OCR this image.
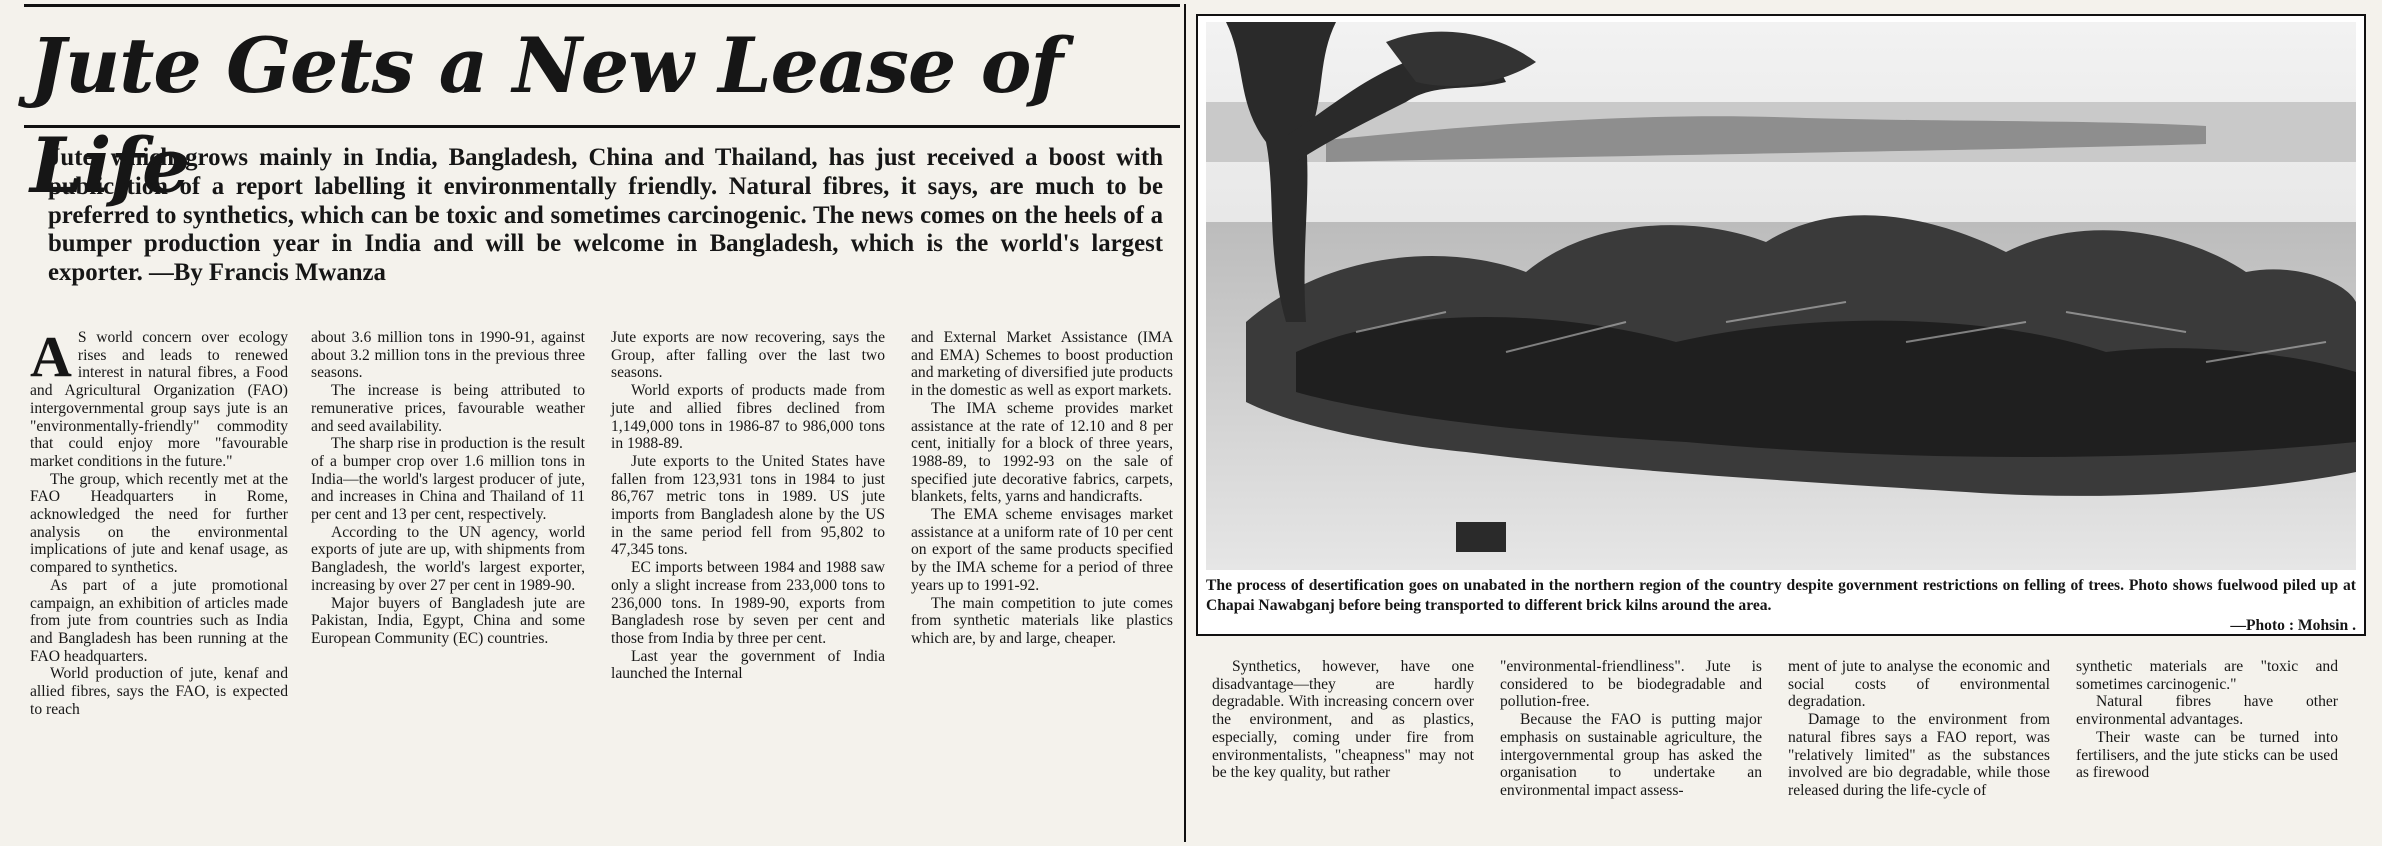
Jute Gets a New Lease of Life

Jute, which grows mainly in India, Bangladesh, China and Thailand, has just received a boost with publication of a report labelling it environmentally friendly. Natural fibres, it says, are much to be preferred to synthetics, which can be toxic and sometimes carcinogenic. The news comes on the heels of a bumper production year in India and will be welcome in Bangladesh, which is the world's largest exporter. —By Francis Mwanza

A S world concern over ecology rises and leads to renewed interest in natural fibres, a Food and Agricultural Organization (FAO) intergovernmental group says jute is an "environmentally-friendly" commodity that could enjoy more "favourable market conditions in the future."

The group, which recently met at the FAO Headquarters in Rome, acknowledged the need for further analysis on the environmental implications of jute and kenaf usage, as compared to synthetics.

As part of a jute promotional campaign, an exhibition of articles made from jute from countries such as India and Bangladesh has been running at the FAO headquarters.

World production of jute, kenaf and allied fibres, says the FAO, is expected to reach

about 3.6 million tons in 1990-91, against about 3.2 million tons in the previous three seasons.

The increase is being attributed to remunerative prices, favourable weather and seed availability.

The sharp rise in production is the result of a bumper crop over 1.6 million tons in India—the world's largest producer of jute, and increases in China and Thailand of 11 per cent and 13 per cent, respectively.

According to the UN agency, world exports of jute are up, with shipments from Bangladesh, the world's largest exporter, increasing by over 27 per cent in 1989-90.

Major buyers of Bangladesh jute are Pakistan, India, Egypt, China and some European Community (EC) countries.

Jute exports are now recovering, says the Group, after falling over the last two seasons.

World exports of products made from jute and allied fibres declined from 1,149,000 tons in 1986-87 to 986,000 tons in 1988-89.

Jute exports to the United States have fallen from 123,931 tons in 1984 to just 86,767 metric tons in 1989. US jute imports from Bangladesh alone by the US in the same period fell from 95,802 to 47,345 tons.

EC imports between 1984 and 1988 saw only a slight increase from 233,000 tons to 236,000 tons. In 1989-90, exports from Bangladesh rose by seven per cent and those from India by three per cent.

Last year the government of India launched the Internal

and External Market Assistance (IMA and EMA) Schemes to boost production and marketing of diversified jute products in the domestic as well as export markets.

The IMA scheme provides market assistance at the rate of 12.10 and 8 per cent, initially for a block of three years, 1988-89, to 1992-93 on the sale of specified jute decorative fabrics, carpets, blankets, felts, yarns and handicrafts.

The EMA scheme envisages market assistance at a uniform rate of 10 per cent on export of the same products specified by the IMA scheme for a period of three years up to 1991-92.

The main competition to jute comes from synthetic materials like plastics which are, by and large, cheaper.

The process of desertification goes on unabated in the northern region of the country despite government restrictions on felling of trees. Photo shows fuelwood piled up at Chapai Nawabganj before being transported to different brick kilns around the area.
—Photo : Mohsin .

Synthetics, however, have one disadvantage—they are hardly degradable. With increasing concern over the environment, and as plastics, especially, coming under fire from environmentalists, "cheapness" may not be the key quality, but rather

"environmental-friendliness". Jute is considered to be biodegradable and pollution-free.

Because the FAO is putting major emphasis on sustainable agriculture, the intergovernmental group has asked the organisation to undertake an environmental impact assess-

ment of jute to analyse the economic and social costs of environmental degradation.

Damage to the environment from natural fibres says a FAO report, was "relatively limited" as the substances involved are bio degradable, while those released during the life-cycle of

synthetic materials are "toxic and sometimes carcinogenic."

Natural fibres have other environmental advantages.

Their waste can be turned into fertilisers, and the jute sticks can be used as firewood
